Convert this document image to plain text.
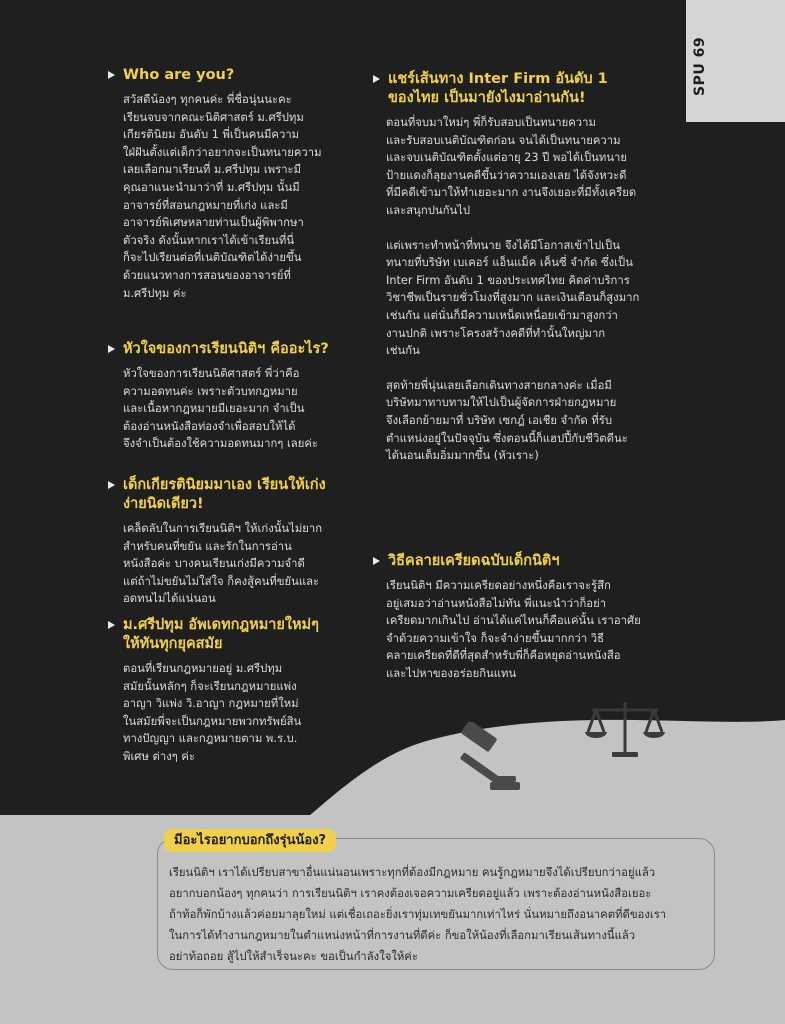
SPU 69
Who are you?

สวัสดีน้องๆ ทุกคนค่ะ พี่ชื่อนุ่นนะคะ
เรียนจบจากคณะนิติศาสตร์ ม.ศรีปทุม
เกียรตินิยม อันดับ 1 พี่เป็นคนมีความ
ใฝ่ฝันตั้งแต่เด็กว่าอยากจะเป็นทนายความ
เลยเลือกมาเรียนที่ ม.ศรีปทุม เพราะมี
คุณอาแนะนำมาว่าที่ ม.ศรีปทุม นั้นมี
อาจารย์ที่สอนกฎหมายที่เก่ง และมี
อาจารย์พิเศษหลายท่านเป็นผู้พิพากษา
ตัวจริง ดังนั้นหากเราได้เข้าเรียนที่นี่
ก็จะไปเรียนต่อที่เนติบัณฑิตได้ง่ายขึ้น
ด้วยแนวทางการสอนของอาจารย์ที่
ม.ศรีปทุม ค่ะ

หัวใจของการเรียนนิติฯ คืออะไร?

หัวใจของการเรียนนิติศาสตร์ พี่ว่าคือ
ความอดทนค่ะ เพราะตัวบทกฎหมาย
และเนื้อหากฎหมายมีเยอะมาก จำเป็น
ต้องอ่านหนังสือท่องจำเพื่อสอบให้ได้
จึงจำเป็นต้องใช้ความอดทนมากๆ เลยค่ะ

เด็กเกียรตินิยมมาเอง เรียนให้เก่ง
ง่ายนิดเดียว!

เคล็ดลับในการเรียนนิติฯ ให้เก่งนั้นไม่ยาก
สำหรับคนที่ขยัน และรักในการอ่าน
หนังสือค่ะ บางคนเรียนเก่งมีความจำดี
แต่ถ้าไม่ขยันไม่ใส่ใจ ก็คงสู้คนที่ขยันและ
อดทนไม่ได้แน่นอน

ม.ศรีปทุม อัพเดทกฎหมายใหม่ๆ
ให้ทันทุกยุคสมัย

ตอนที่เรียนกฎหมายอยู่ ม.ศรีปทุม
สมัยนั้นหลักๆ ก็จะเรียนกฎหมายแพ่ง
อาญา วิแพ่ง วิ.อาญา กฎหมายที่ใหม่
ในสมัยพี่จะเป็นกฎหมายพวกทรัพย์สิน
ทางปัญญา และกฎหมายตาม พ.ร.บ.
พิเศษ ต่างๆ ค่ะ

แชร์เส้นทาง Inter Firm อันดับ 1
ของไทย เป็นมายังไงมาอ่านกัน!

ตอนที่จบมาใหม่ๆ พี่ก็รับสอบเป็นทนายความ
และรับสอบเนติบัณฑิตก่อน จนได้เป็นทนายความ
และจบเนติบัณฑิตตั้งแต่อายุ 23 ปี พอได้เป็นทนาย
ป้ายแดงก็ลุยงานคดีขึ้นว่าความเองเลย ได้จังหวะดี
ที่มีคดีเข้ามาให้ทำเยอะมาก งานจึงเยอะที่มีทั้งเครียด
และสนุกปนกันไป

แต่เพราะทำหน้าที่ทนาย จึงได้มีโอกาสเข้าไปเป็น
ทนายที่บริษัท เบเคอร์ แอ็นแม็ค เค็นซี่ จำกัด ซึ่งเป็น
Inter Firm อันดับ 1 ของประเทศไทย คิดค่าบริการ
วิชาชีพเป็นรายชั่วโมงที่สูงมาก และเงินเดือนก็สูงมาก
เช่นกัน แต่นั่นก็มีความเหน็ดเหนื่อยเข้ามาสูงกว่า
งานปกติ เพราะโครงสร้างคดีที่ทำนั้นใหญ่มาก
เช่นกัน

สุดท้ายพี่นุ่นเลยเลือกเดินทางสายกลางค่ะ เมื่อมี
บริษัทมาทาบทามให้ไปเป็นผู้จัดการฝ่ายกฎหมาย
จึงเลือกย้ายมาที่ บริษัท เซกฎ์ เอเชีย จำกัด ที่รับ
ตำแหน่งอยู่ในปัจจุบัน ซึ่งตอนนี้ก็แฮปปี้กับชีวิตดีนะ
ได้นอนเต็มอิ่มมากขึ้น (หัวเราะ)

วิธีคลายเครียดฉบับเด็กนิติฯ

เรียนนิติฯ มีความเครียดอย่างหนึ่งคือเราจะรู้สึก
อยู่เสมอว่าอ่านหนังสือไม่ทัน พี่แนะนำว่าก็อย่า
เครียดมากเกินไป อ่านได้แค่ไหนก็คือแค่นั้น เราอาศัย
จำด้วยความเข้าใจ ก็จะจำง่ายขึ้นมากกว่า วิธี
คลายเครียดที่ดีที่สุดสำหรับพี่ก็คือหยุดอ่านหนังสือ
และไปหาของอร่อยกินแทน

มีอะไรอยากบอกถึงรุ่นน้อง?
เรียนนิติฯ เราได้เปรียบสาขาอื่นแน่นอนเพราะทุกที่ต้องมีกฎหมาย คนรู้กฎหมายจึงได้เปรียบกว่าอยู่แล้ว
อยากบอกน้องๆ ทุกคนว่า การเรียนนิติฯ เราคงต้องเจอความเครียดอยู่แล้ว เพราะต้องอ่านหนังสือเยอะ
ถ้าท้อก็พักบ้างแล้วค่อยมาลุยใหม่ แต่เชื่อเถอะยิ่งเราทุ่มเทขยันมากเท่าไหร่ นั่นหมายถึงอนาคตที่ดีของเรา
ในการได้ทำงานกฎหมายในตำแหน่งหน้าที่การงานที่ดีค่ะ ก็ขอให้น้องที่เลือกมาเรียนเส้นทางนี้แล้ว
อย่าท้อถอย สู้ไปให้สำเร็จนะคะ ขอเป็นกำลังใจให้ค่ะ
